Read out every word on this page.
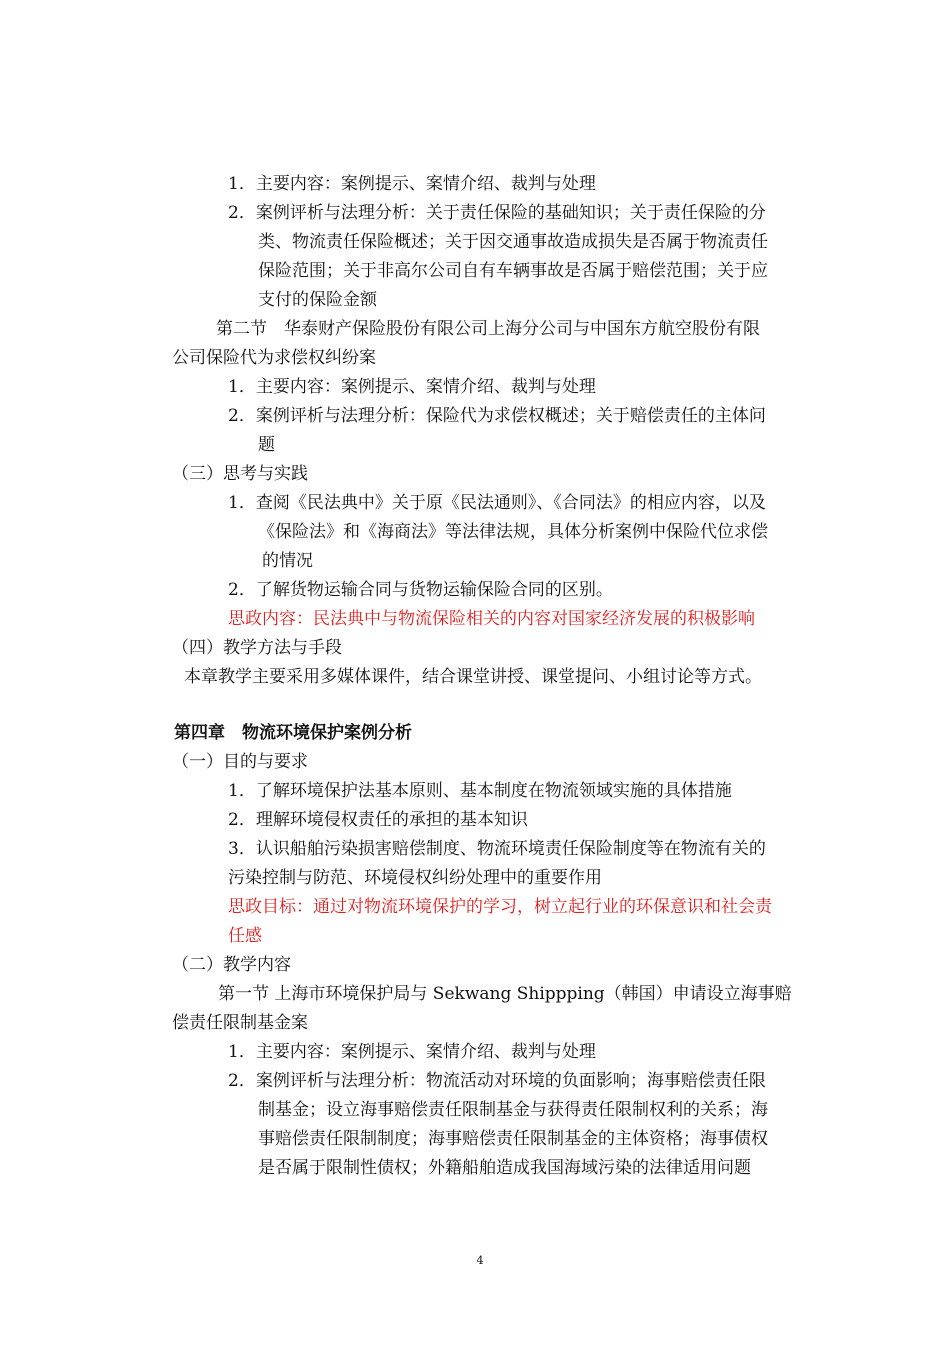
1．主要内容：案例提示、案情介绍、裁判与处理
2．案例评析与法理分析：关于责任保险的基础知识；关于责任保险的分
类、物流责任保险概述；关于因交通事故造成损失是否属于物流责任
保险范围；关于非高尔公司自有车辆事故是否属于赔偿范围；关于应
支付的保险金额
第二节　华泰财产保险股份有限公司上海分公司与中国东方航空股份有限
公司保险代为求偿权纠纷案
1．主要内容：案例提示、案情介绍、裁判与处理
2．案例评析与法理分析：保险代为求偿权概述；关于赔偿责任的主体问
题
（三）思考与实践
1．查阅《民法典中》关于原《民法通则》、《合同法》的相应内容，以及
《保险法》和《海商法》等法律法规，具体分析案例中保险代位求偿
的情况
2．了解货物运输合同与货物运输保险合同的区别。
思政内容：民法典中与物流保险相关的内容对国家经济发展的积极影响
（四）教学方法与手段
本章教学主要采用多媒体课件，结合课堂讲授、课堂提问、小组讨论等方式。
第四章　物流环境保护案例分析
（一）目的与要求
1．了解环境保护法基本原则、基本制度在物流领域实施的具体措施
2．理解环境侵权责任的承担的基本知识
3．认识船舶污染损害赔偿制度、物流环境责任保险制度等在物流有关的
污染控制与防范、环境侵权纠纷处理中的重要作用
思政目标：通过对物流环境保护的学习，树立起行业的环保意识和社会责
任感
（二）教学内容
第一节 上海市环境保护局与 Sekwang Shippping（韩国）申请设立海事赔
偿责任限制基金案
1．主要内容：案例提示、案情介绍、裁判与处理
2．案例评析与法理分析：物流活动对环境的负面影响；海事赔偿责任限
制基金；设立海事赔偿责任限制基金与获得责任限制权利的关系；海
事赔偿责任限制制度；海事赔偿责任限制基金的主体资格；海事债权
是否属于限制性债权；外籍船舶造成我国海域污染的法律适用问题
4
